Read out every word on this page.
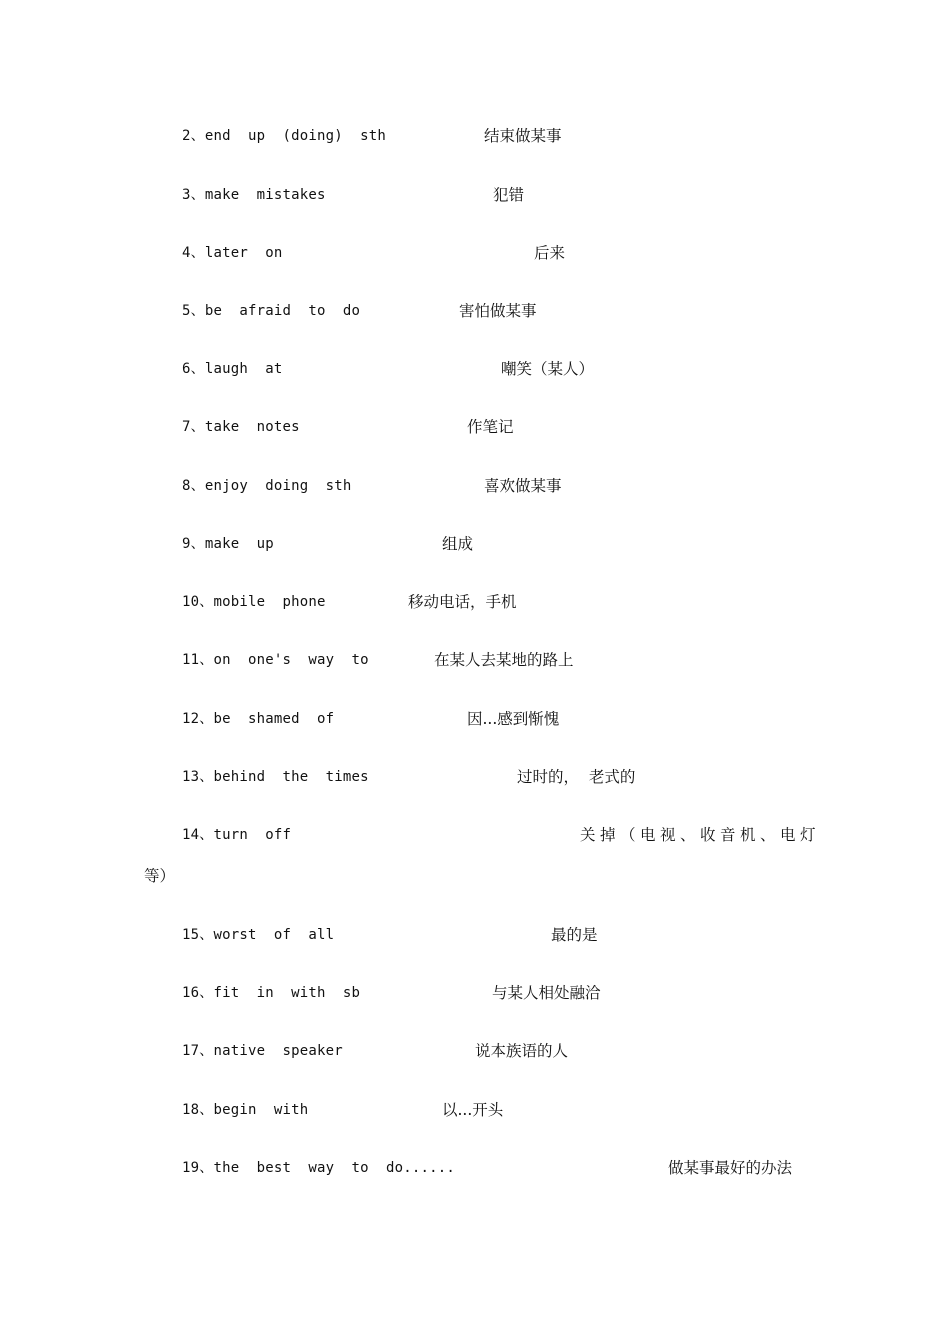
2、end  up  (doing)  sth	结束做某事
3、make  mistakes	犯错
4、later  on	后来
5、be  afraid  to  do	害怕做某事
6、laugh  at	嘲笑（某人）
7、take  notes	作笔记
8、enjoy  doing  sth	喜欢做某事
9、make  up	组成
10、mobile  phone	移动电话，手机
11、on  one's  way  to	在某人去某地的路上
12、be  shamed  of	因...感到惭愧
13、behind  the  times	过时的，  老式的
14、turn  off	关掉（电视、收音机、电灯
等）
15、worst  of  all	最的是
16、fit  in  with  sb	与某人相处融洽
17、native  speaker	说本族语的人
18、begin  with	以...开头
19、the  best  way  to  do......	做某事最好的办法
